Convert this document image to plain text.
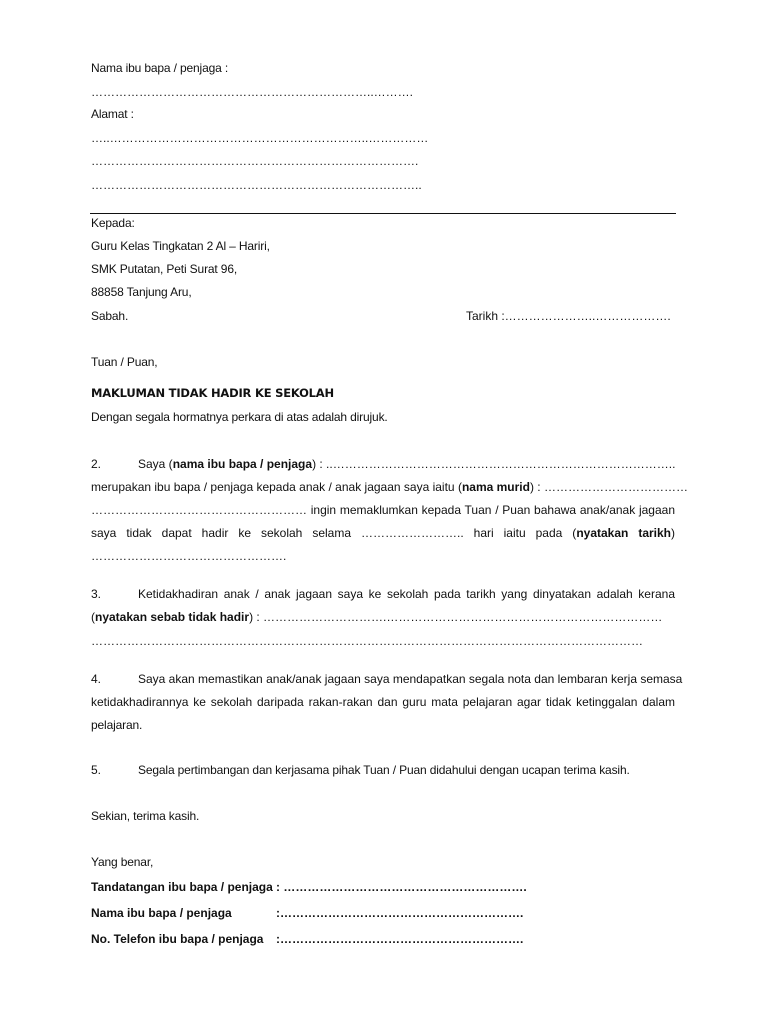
Nama ibu bapa / penjaga :
……………………………………………………………..……….
Alamat :
…..………………………………………………………..……………
……………………………………………………………………….
………………………………………………………………………..
Kepada:
Guru Kelas Tingkatan 2 Al – Hariri,
SMK Putatan, Peti Surat 96,
88858 Tanjung Aru,
Sabah.	Tarikh :…………………..……………….
Tuan / Puan,
MAKLUMAN TIDAK HADIR KE SEKOLAH
Dengan segala hormatnya perkara di atas adalah dirujuk.
2.	Saya (nama ibu bapa / penjaga) : ..…………………………………………………………………………..
merupakan ibu bapa / penjaga kepada anak / anak jagaan saya iaitu (nama murid) : ………………………………
……………………………………………… ingin memaklumkan kepada Tuan / Puan bahawa anak/anak jagaan
saya tidak dapat hadir ke sekolah selama …………………….. hari iaitu pada (nyatakan tarikh)
………………………………………….
3.	Ketidakhadiran anak / anak jagaan saya ke sekolah pada tarikh yang dinyatakan adalah kerana
(nyatakan sebab tidak hadir) : ………………………….……………………………………………………………
…………………………………………………………………………………………………………………………
4.	Saya akan memastikan anak/anak jagaan saya mendapatkan segala nota dan lembaran kerja semasa
ketidakhadirannya ke sekolah daripada rakan-rakan dan guru mata pelajaran agar tidak ketinggalan dalam
pelajaran.
5.	Segala pertimbangan dan kerjasama pihak Tuan / Puan didahului dengan ucapan terima kasih.
Sekian, terima kasih.
Yang benar,
Tandatangan ibu bapa / penjaga : …………………………………………………….
Nama ibu bapa / penjaga	:…………………………………………………….
No. Telefon ibu bapa / penjaga :…………………………………………………….
